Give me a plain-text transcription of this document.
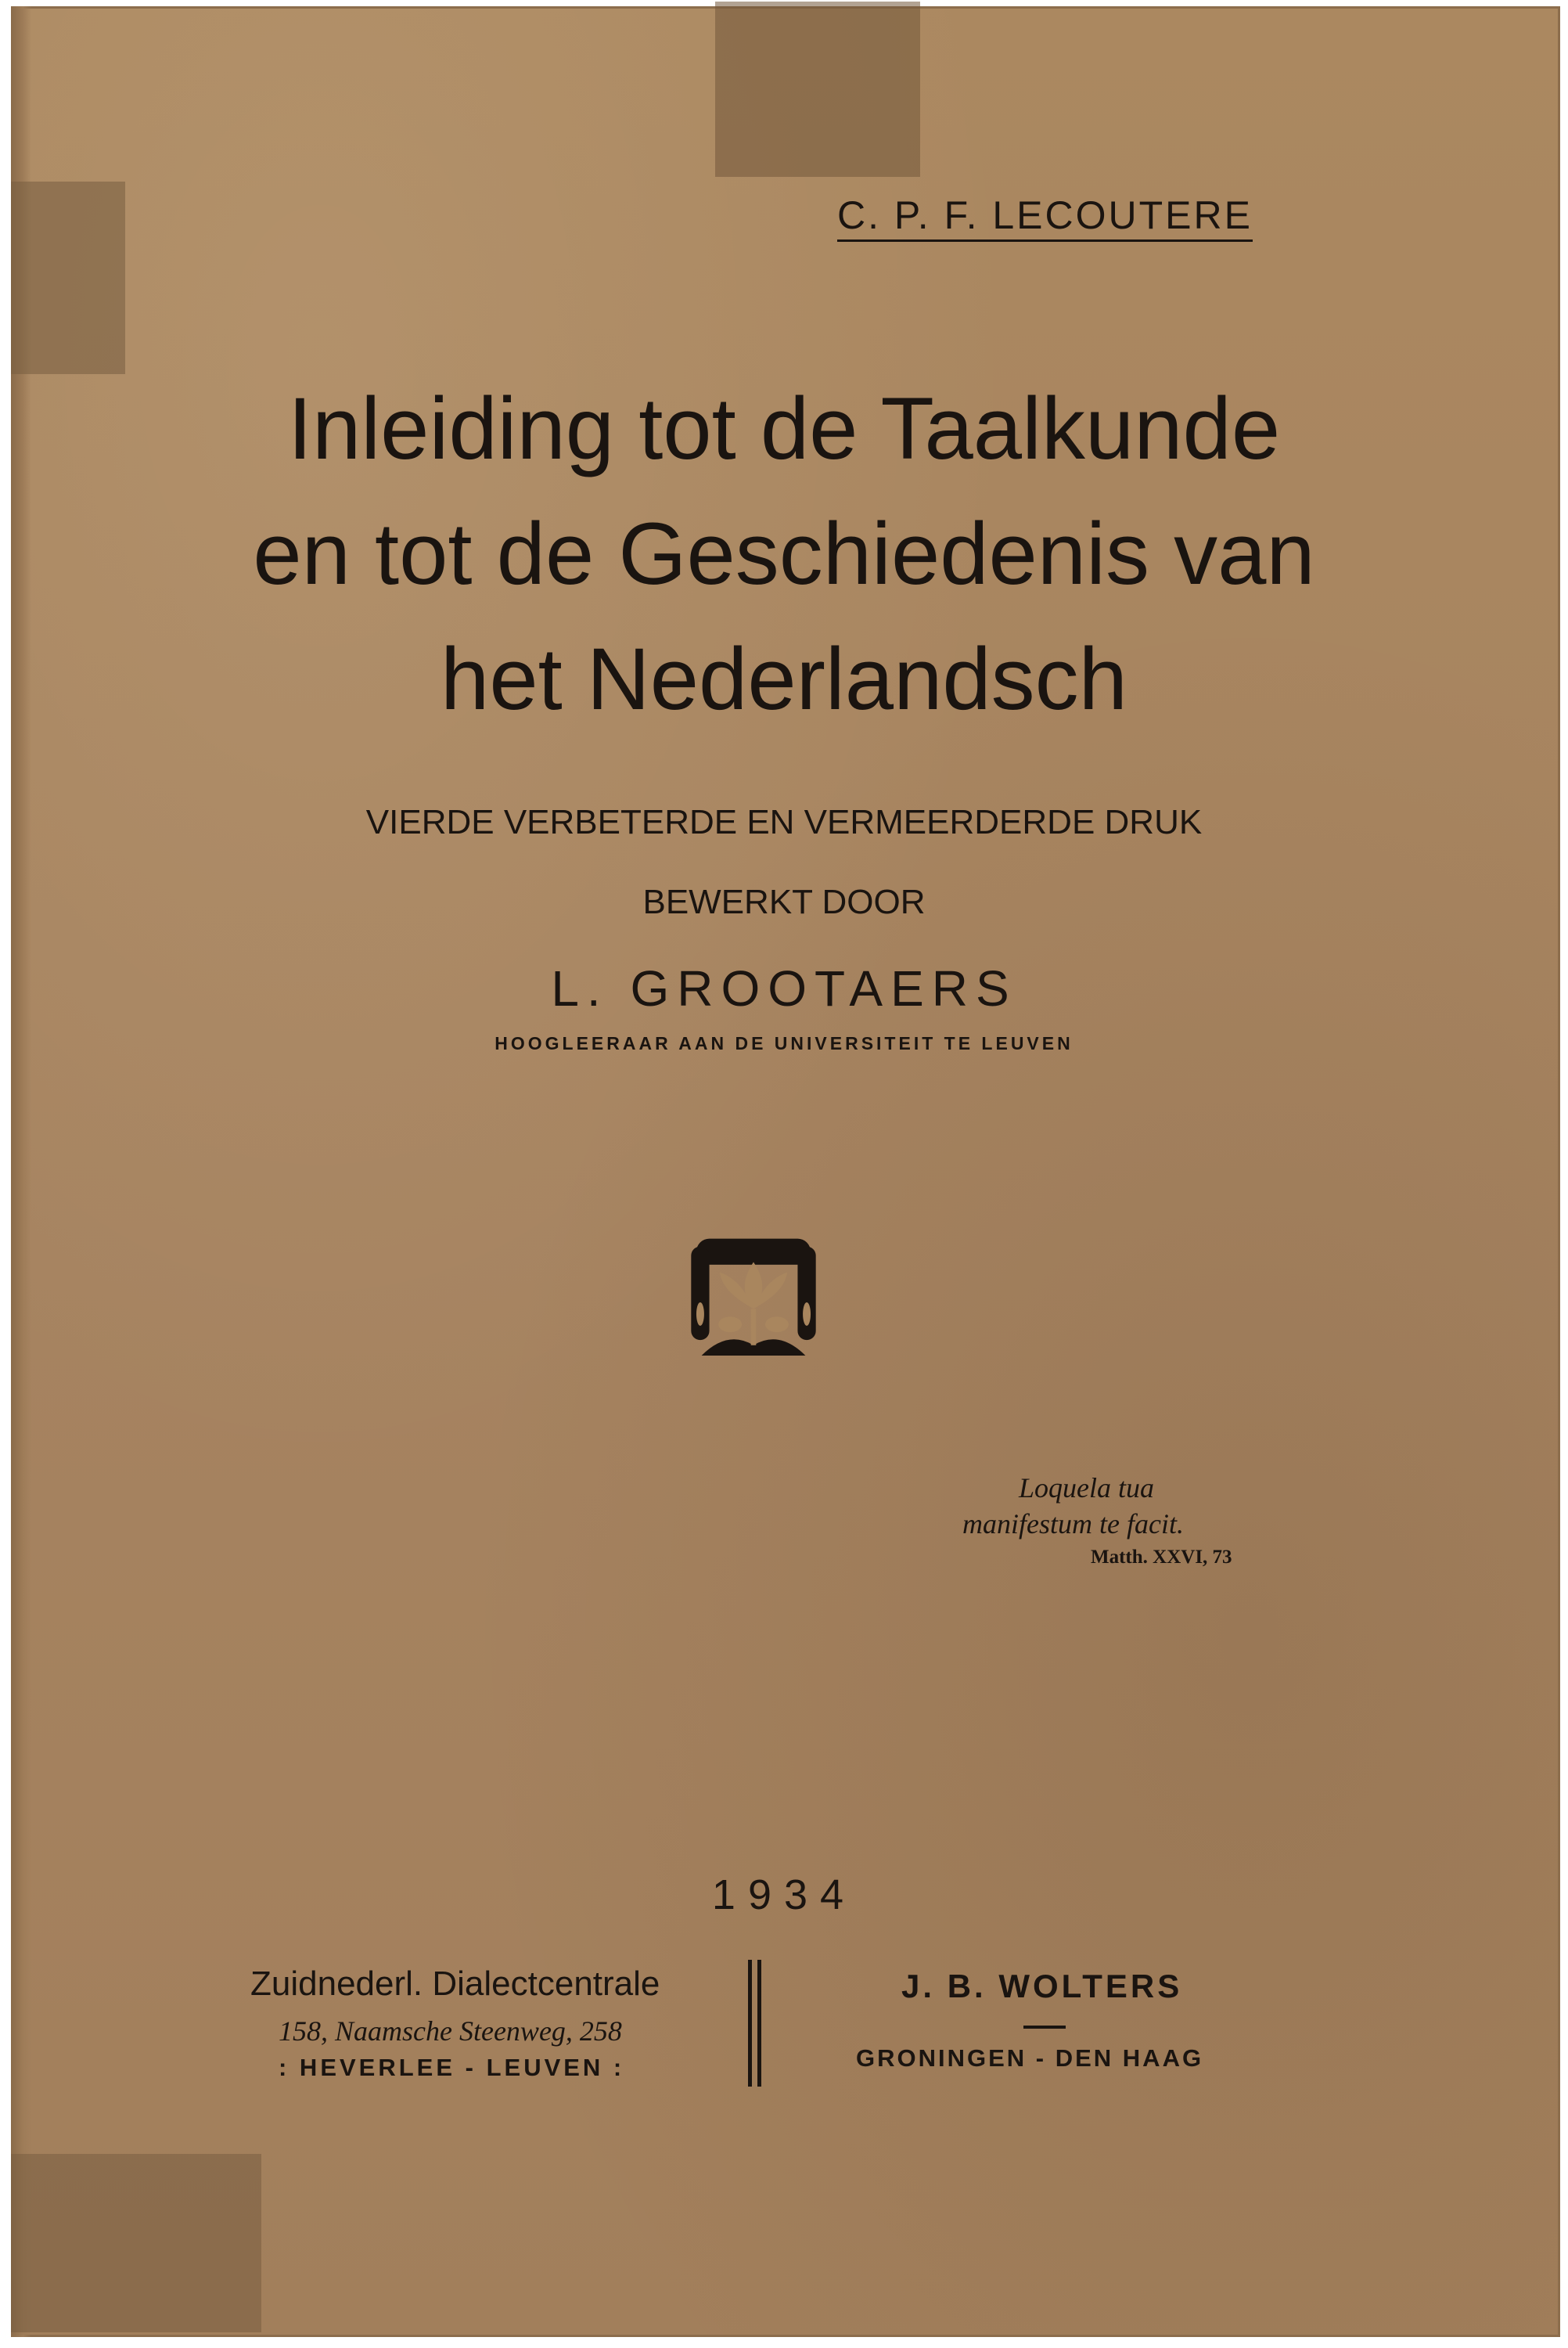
C. P. F. LECOUTERE
Inleiding tot de Taalkunde
en tot de Geschiedenis van
het Nederlandsch
VIERDE VERBETERDE EN VERMEERDERDE DRUK
BEWERKT DOOR
L. GROOTAERS
HOOGLEERAAR AAN DE UNIVERSITEIT TE LEUVEN
Loquela tua
manifestum te facit.
Matth. XXVI, 73
1934
Zuidnederl. Dialectcentrale
158, Naamsche Steenweg, 258
: HEVERLEE - LEUVEN :
J. B. WOLTERS
GRONINGEN - DEN HAAG
